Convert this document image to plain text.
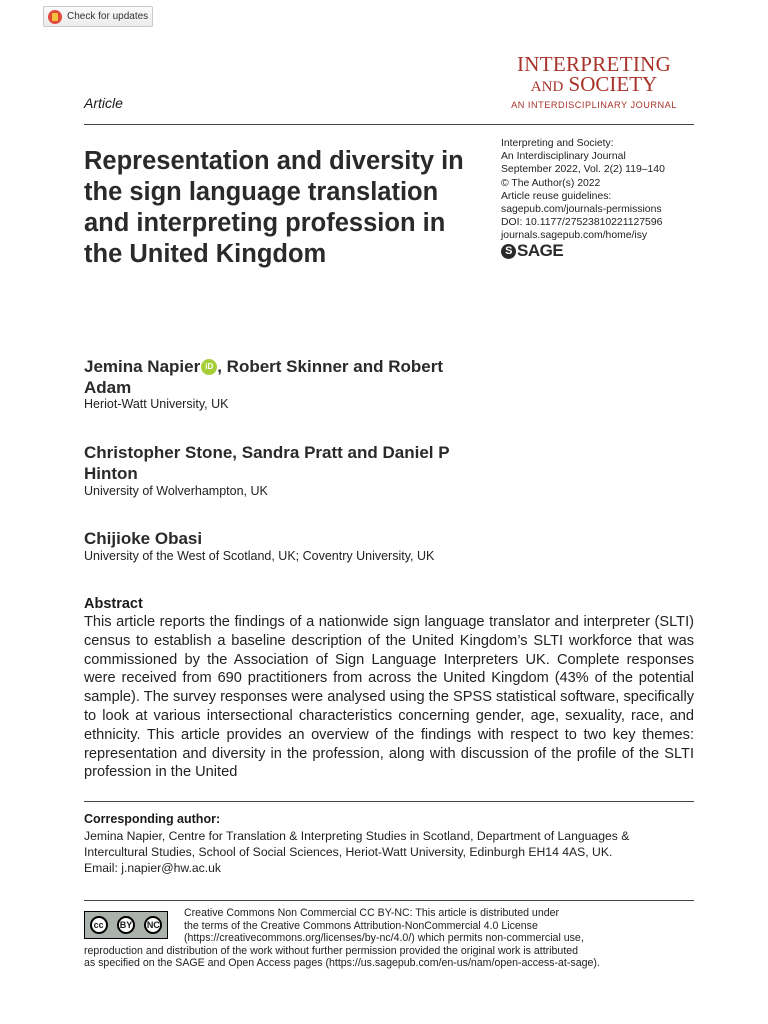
Check for updates
INTERPRETING
AND SOCIETY
AN INTERDISCIPLINARY JOURNAL
Article
Representation and diversity in the sign language translation and interpreting profession in the United Kingdom
Interpreting and Society:
An Interdisciplinary Journal
September 2022, Vol. 2(2) 119–140
© The Author(s) 2022
Article reuse guidelines:
sagepub.com/journals-permissions
DOI: 10.1177/27523810221127596
journals.sagepub.com/home/isy
S SAGE
Jemina Napier iD , Robert Skinner and Robert Adam
Heriot-Watt University, UK
Christopher Stone, Sandra Pratt and Daniel P Hinton
University of Wolverhampton, UK
Chijioke Obasi
University of the West of Scotland, UK; Coventry University, UK
Abstract
This article reports the findings of a nationwide sign language translator and interpreter (SLTI) census to establish a baseline description of the United Kingdom’s SLTI workforce that was commissioned by the Association of Sign Language Interpreters UK. Complete responses were received from 690 practitioners from across the United Kingdom (43% of the potential sample). The survey responses were analysed using the SPSS statistical software, specifically to look at various intersectional characteristics concerning gender, age, sexuality, race, and ethnicity. This article provides an overview of the findings with respect to two key themes: representation and diversity in the profession, along with discussion of the profile of the SLTI profession in the United
Corresponding author:
Jemina Napier, Centre for Translation & Interpreting Studies in Scotland, Department of Languages &
Intercultural Studies, School of Social Sciences, Heriot-Watt University, Edinburgh EH14 4AS, UK.
Email: j.napier@hw.ac.uk
cc	BY	NC
Creative Commons Non Commercial CC BY-NC: This article is distributed under
the terms of the Creative Commons Attribution-NonCommercial 4.0 License
(https://creativecommons.org/licenses/by-nc/4.0/) which permits non-commercial use,
reproduction and distribution of the work without further permission provided the original work is attributed
as specified on the SAGE and Open Access pages (https://us.sagepub.com/en-us/nam/open-access-at-sage).
